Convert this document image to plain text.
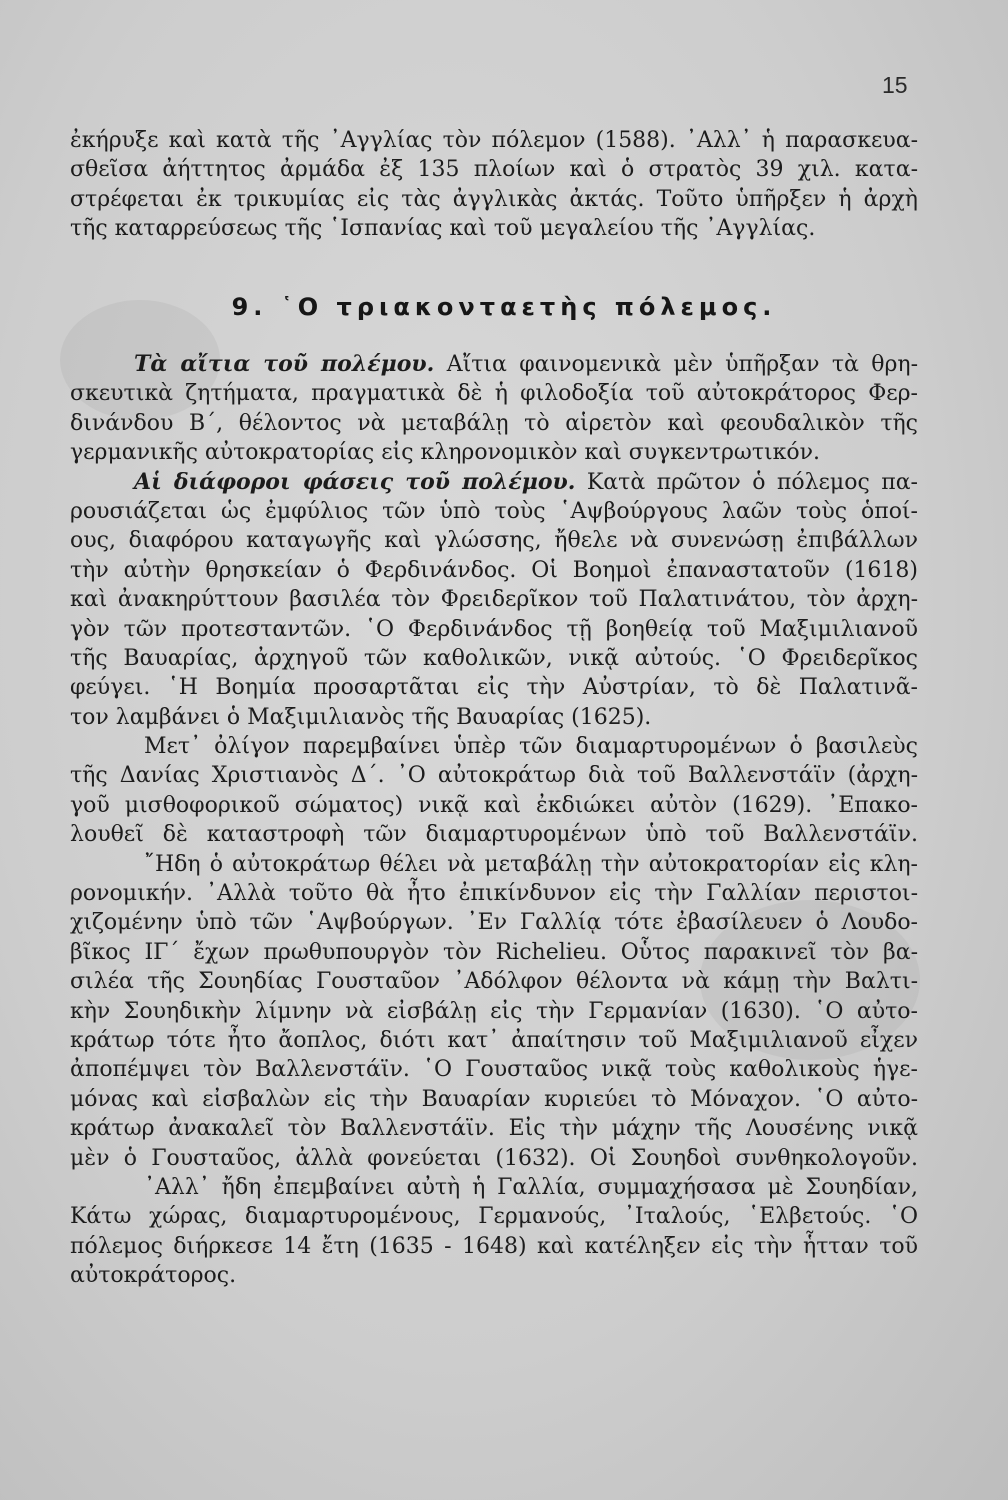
15
ἐκήρυξε καὶ κατὰ τῆς ᾿Αγγλίας τὸν πόλεμον (1588). ᾿Αλλ᾿ ἡ παρασκευα-
σθεῖσα ἀήττητος ἀρμάδα ἐξ 135 πλοίων καὶ ὁ στρατὸς 39 χιλ. κατα-
στρέφεται ἐκ τρικυμίας εἰς τὰς ἀγγλικὰς ἀκτάς. Τοῦτο ὑπῆρξεν ἡ ἀρχὴ
τῆς καταρρεύσεως τῆς ῾Ισπανίας καὶ τοῦ μεγαλείου τῆς ᾿Αγγλίας.
9. ῾Ο τριακονταετὴς πόλεμος.
Τὰ αἴτια τοῦ πολέμου. Αἴτια φαινομενικὰ μὲν ὑπῆρξαν τὰ θρη-
σκευτικὰ ζητήματα, πραγματικὰ δὲ ἡ φιλοδοξία τοῦ αὐτοκράτορος Φερ-
δινάνδου Β΄, θέλοντος νὰ μεταβάλῃ τὸ αἱρετὸν καὶ φεουδαλικὸν τῆς
γερμανικῆς αὐτοκρατορίας εἰς κληρονομικὸν καὶ συγκεντρωτικόν.
Αἱ διάφοροι φάσεις τοῦ πολέμου. Κατὰ πρῶτον ὁ πόλεμος πα-
ρουσιάζεται ὡς ἐμφύλιος τῶν ὑπὸ τοὺς ῾Αψβούργους λαῶν τοὺς ὁποί-
ους, διαφόρου καταγωγῆς καὶ γλώσσης, ἤθελε νὰ συνενώσῃ ἐπιβάλλων
τὴν αὐτὴν θρησκείαν ὁ Φερδινάνδος. Οἱ Βοημοὶ ἐπαναστατοῦν (1618)
καὶ ἀνακηρύττουν βασιλέα τὸν Φρειδερῖκον τοῦ Παλατινάτου, τὸν ἀρχη-
γὸν τῶν προτεσταντῶν. ῾Ο Φερδινάνδος τῇ βοηθείᾳ τοῦ Μαξιμιλιανοῦ
τῆς Βαυαρίας, ἀρχηγοῦ τῶν καθολικῶν, νικᾷ αὐτούς. ῾Ο Φρειδερῖκος
φεύγει. ῾Η Βοημία προσαρτᾶται εἰς τὴν Αὐστρίαν, τὸ δὲ Παλατινᾶ-
τον λαμβάνει ὁ Μαξιμιλιανὸς τῆς Βαυαρίας (1625).
Μετ᾿ ὀλίγον παρεμβαίνει ὑπὲρ τῶν διαμαρτυρομένων ὁ βασιλεὺς
τῆς Δανίας Χριστιανὸς Δ΄. ᾿Ο αὐτοκράτωρ διὰ τοῦ Βαλλενστάϊν (ἀρχη-
γοῦ μισθοφορικοῦ σώματος) νικᾷ καὶ ἐκδιώκει αὐτὸν (1629). ᾿Επακο-
λουθεῖ δὲ καταστροφὴ τῶν διαμαρτυρομένων ὑπὸ τοῦ Βαλλενστάϊν.
῎Ηδη ὁ αὐτοκράτωρ θέλει νὰ μεταβάλῃ τὴν αὐτοκρατορίαν εἰς κλη-
ρονομικήν. ᾿Αλλὰ τοῦτο θὰ ἦτο ἐπικίνδυνον εἰς τὴν Γαλλίαν περιστοι-
χιζομένην ὑπὸ τῶν ῾Αψβούργων. ᾿Εν Γαλλίᾳ τότε ἐβασίλευεν ὁ Λουδο-
βῖκος ΙΓ΄ ἔχων πρωθυπουργὸν τὸν Richelieu. Οὗτος παρακινεῖ τὸν βα-
σιλέα τῆς Σουηδίας Γουσταῦον ᾿Αδόλφον θέλοντα νὰ κάμῃ τὴν Βαλτι-
κὴν Σουηδικὴν λίμνην νὰ εἰσβάλῃ εἰς τὴν Γερμανίαν (1630). ῾Ο αὐτο-
κράτωρ τότε ἦτο ἄοπλος, διότι κατ᾿ ἀπαίτησιν τοῦ Μαξιμιλιανοῦ εἶχεν
ἀποπέμψει τὸν Βαλλενστάϊν. ῾Ο Γουσταῦος νικᾷ τοὺς καθολικοὺς ἡγε-
μόνας καὶ εἰσβαλὼν εἰς τὴν Βαυαρίαν κυριεύει τὸ Μόναχον. ῾Ο αὐτο-
κράτωρ ἀνακαλεῖ τὸν Βαλλενστάϊν. Εἰς τὴν μάχην τῆς Λουσένης νικᾷ
μὲν ὁ Γουσταῦος, ἀλλὰ φονεύεται (1632). Οἱ Σουηδοὶ συνθηκολογοῦν.
᾿Αλλ᾿ ἤδη ἐπεμβαίνει αὐτὴ ἡ Γαλλία, συμμαχήσασα μὲ Σουηδίαν,
Κάτω χώρας, διαμαρτυρομένους, Γερμανούς, ᾿Ιταλούς, ῾Ελβετούς. ῾Ο
πόλεμος διήρκεσε 14 ἔτη (1635 - 1648) καὶ κατέληξεν εἰς τὴν ἧτταν τοῦ
αὐτοκράτορος.
